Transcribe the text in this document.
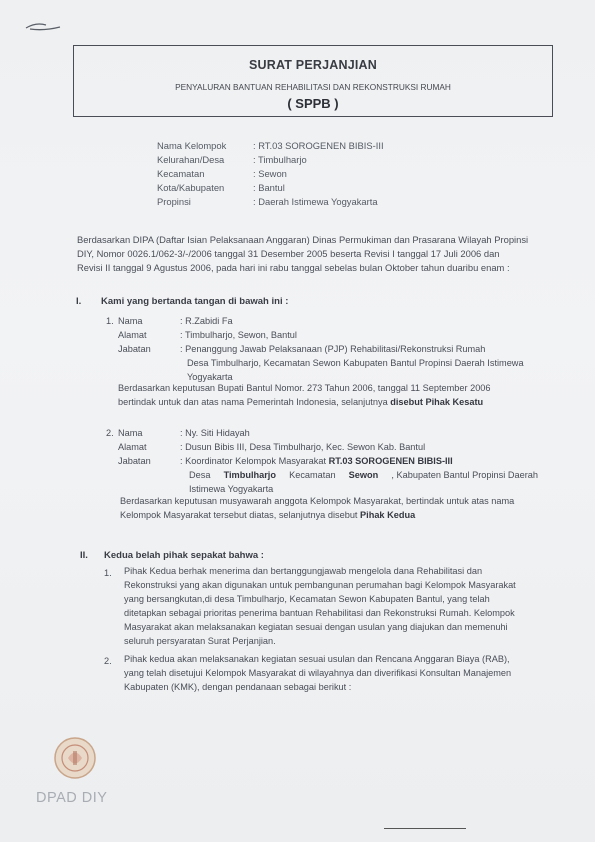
SURAT PERJANJIAN
PENYALURAN BANTUAN REHABILITASI DAN REKONSTRUKSI RUMAH
( SPPB )
Nama Kelompok	: RT.03 SOROGENEN BIBIS-III
Kelurahan/Desa	: Timbulharjo
Kecamatan	: Sewon
Kota/Kabupaten	: Bantul
Propinsi	: Daerah Istimewa Yogyakarta
Berdasarkan DIPA (Daftar Isian Pelaksanaan Anggaran) Dinas Permukiman dan Prasarana Wilayah Propinsi
DIY, Nomor 0026.1/062-3/-/2006 tanggal 31 Desember 2005 beserta Revisi I tanggal 17 Juli 2006 dan
Revisi II tanggal 9 Agustus 2006, pada hari ini rabu tanggal sebelas bulan Oktober tahun duaribu enam :
I. Kami yang bertanda tangan di bawah ini :
1. Nama	: R.Zabidi Fa
Alamat	: Timbulharjo, Sewon, Bantul
Jabatan	: Penanggung Jawab Pelaksanaan (PJP) Rehabilitasi/Rekonstruksi Rumah
Desa Timbulharjo, Kecamatan Sewon Kabupaten Bantul Propinsi Daerah Istimewa
Yogyakarta
Berdasarkan keputusan Bupati Bantul Nomor. 273 Tahun 2006, tanggal 11 September 2006
bertindak untuk dan atas nama Pemerintah Indonesia, selanjutnya disebut Pihak Kesatu
2. Nama	: Ny. Siti Hidayah
Alamat	: Dusun Bibis III, Desa Timbulharjo, Kec. Sewon Kab. Bantul
Jabatan	: Koordinator Kelompok Masyarakat RT.03 SOROGENEN BIBIS-III
Desa Timbulharjo Kecamatan Sewon , Kabupaten Bantul Propinsi Daerah
Istimewa Yogyakarta
Berdasarkan keputusan musyawarah anggota Kelompok Masyarakat, bertindak untuk atas nama
Kelompok Masyarakat tersebut diatas, selanjutnya disebut Pihak Kedua
II. Kedua belah pihak sepakat bahwa :
1. Pihak Kedua berhak menerima dan bertanggungjawab mengelola dana Rehabilitasi dan
Rekonstruksi yang akan digunakan untuk pembangunan perumahan bagi Kelompok Masyarakat
yang bersangkutan,di desa Timbulharjo, Kecamatan Sewon Kabupaten Bantul, yang telah
ditetapkan sebagai prioritas penerima bantuan Rehabilitasi dan Rekonstruksi Rumah. Kelompok
Masyarakat akan melaksanakan kegiatan sesuai dengan usulan yang diajukan dan memenuhi
seluruh persyaratan Surat Perjanjian.
2. Pihak kedua akan melaksanakan kegiatan sesuai usulan dan Rencana Anggaran Biaya (RAB),
yang telah disetujui Kelompok Masyarakat di wilayahnya dan diverifikasi Konsultan Manajemen
Kabupaten (KMK), dengan pendanaan sebagai berikut :
DPAD DIY
